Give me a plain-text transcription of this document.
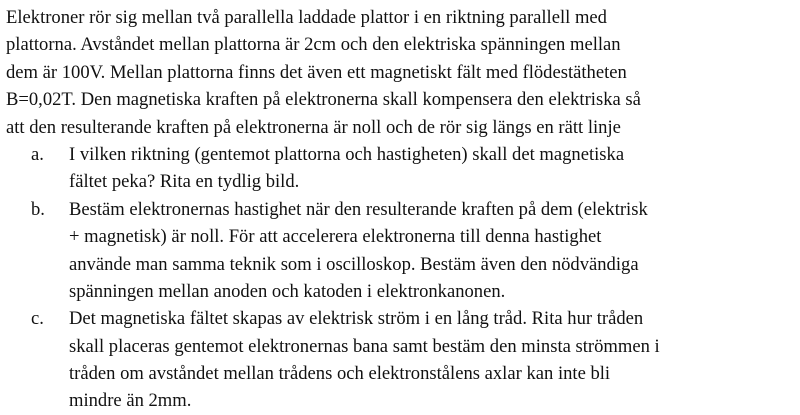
Elektroner rör sig mellan två parallella laddade plattor i en riktning parallell med
plattorna. Avståndet mellan plattorna är 2cm och den elektriska spänningen mellan
dem är 100V. Mellan plattorna finns det även ett magnetiskt fält med flödestätheten
B=0,02T. Den magnetiska kraften på elektronerna skall kompensera den elektriska så
att den resulterande kraften på elektronerna är noll och de rör sig längs en rätt linje
a. I vilken riktning (gentemot plattorna och hastigheten) skall det magnetiska
fältet peka? Rita en tydlig bild.
b. Bestäm elektronernas hastighet när den resulterande kraften på dem (elektrisk
+ magnetisk) är noll. För att accelerera elektronerna till denna hastighet
använde man samma teknik som i oscilloskop. Bestäm även den nödvändiga
spänningen mellan anoden och katoden i elektronkanonen.
c. Det magnetiska fältet skapas av elektrisk ström i en lång tråd. Rita hur tråden
skall placeras gentemot elektronernas bana samt bestäm den minsta strömmen i
tråden om avståndet mellan trådens och elektronstålens axlar kan inte bli
mindre än 2mm.
